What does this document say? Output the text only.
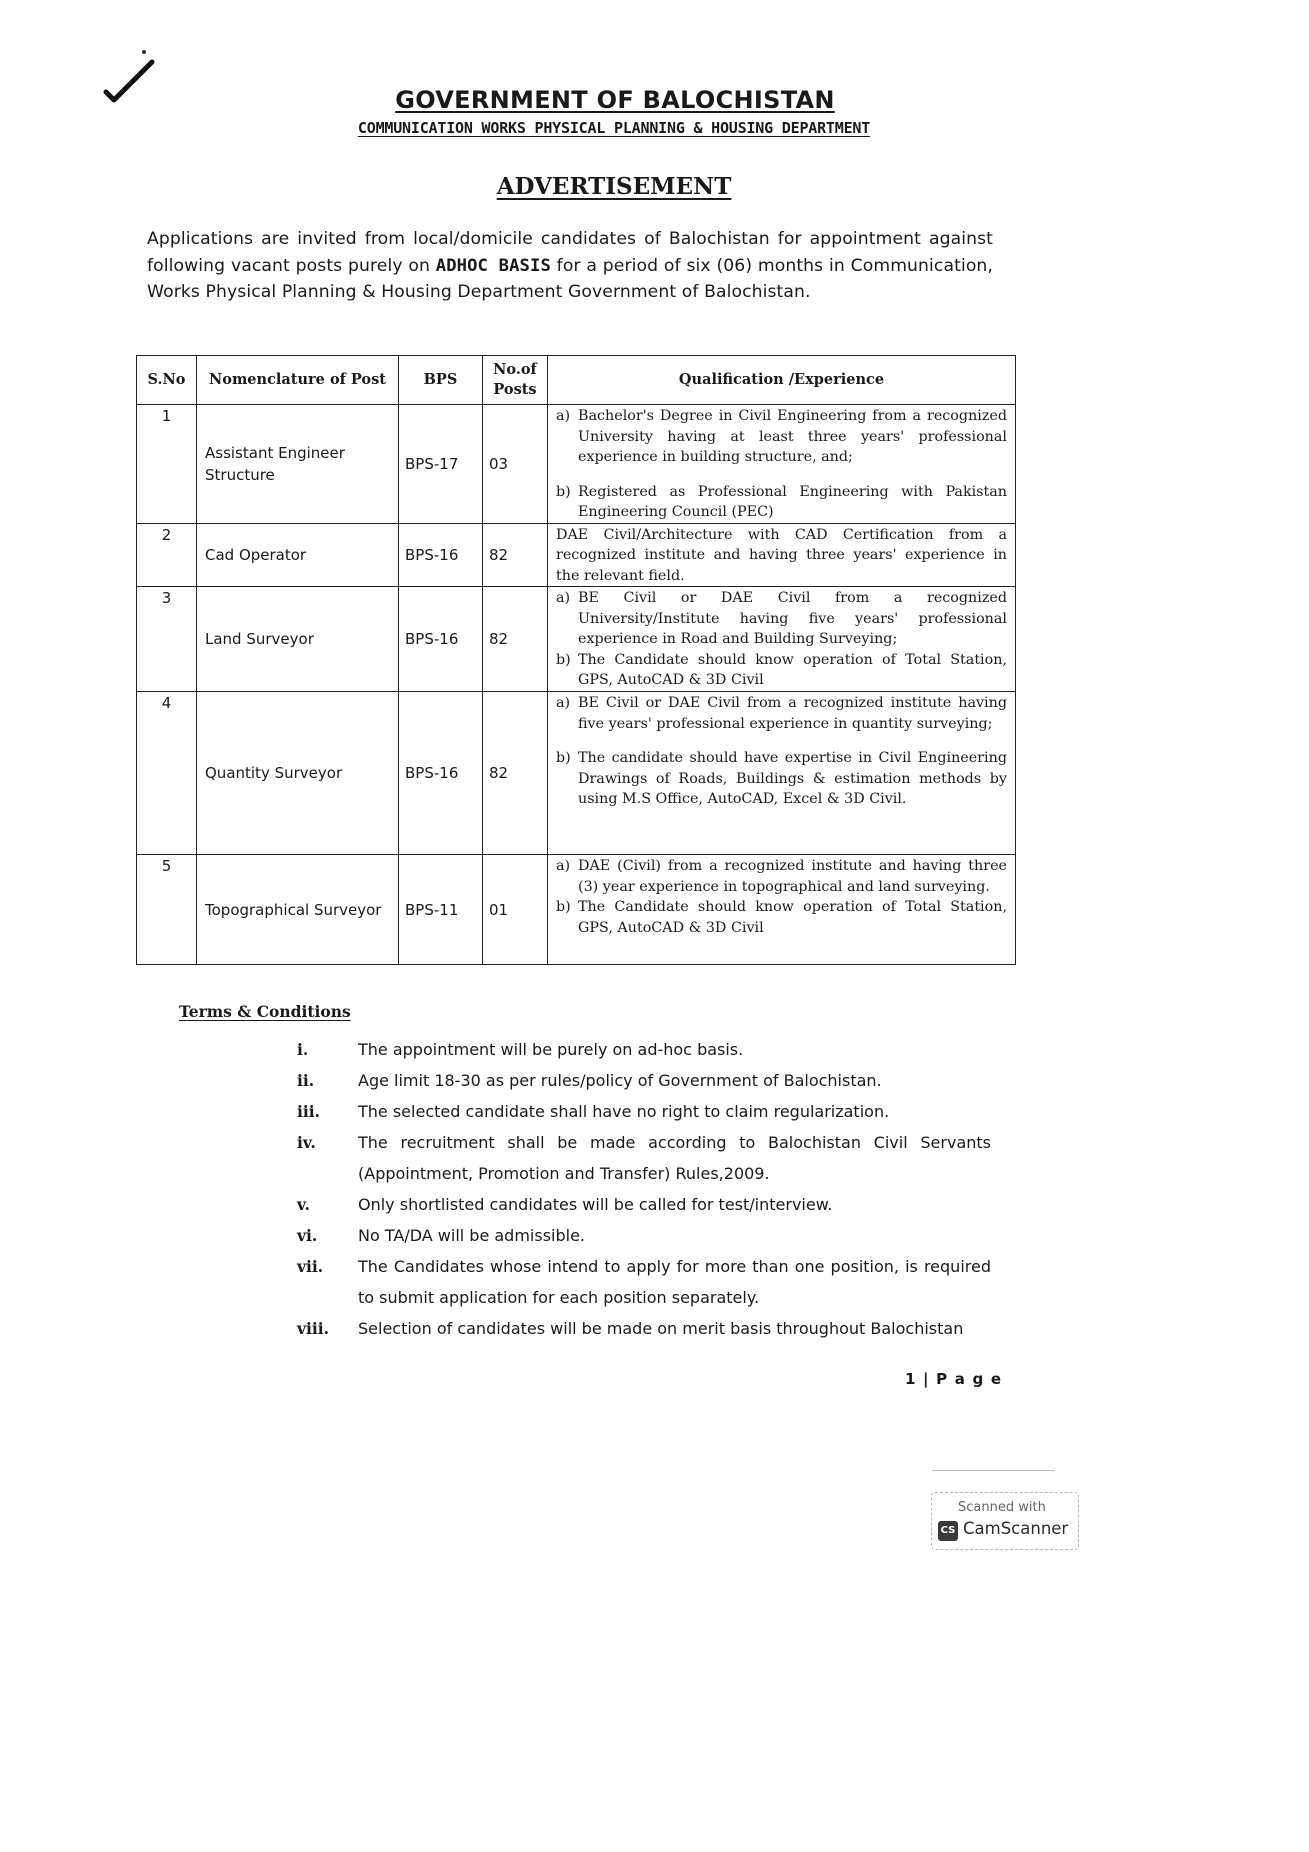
GOVERNMENT OF BALOCHISTAN
COMMUNICATION WORKS PHYSICAL PLANNING & HOUSING DEPARTMENT
ADVERTISEMENT
Applications are invited from local/domicile candidates of Balochistan for appointment against following vacant posts purely on ADHOC BASIS for a period of six (06) months in Communication, Works Physical Planning & Housing Department Government of Balochistan.
S.No	Nomenclature of Post	BPS	No.of Posts	Qualification /Experience
1	Assistant Engineer Structure	BPS-17	03	a) Bachelor's Degree in Civil Engineering from a recognized University having at least three years' professional experience in building structure, and;
b) Registered as Professional Engineering with Pakistan Engineering Council (PEC)

2	Cad Operator	BPS-16	82	DAE Civil/Architecture with CAD Certification from a recognized institute and having three years' experience in the relevant field.

3	Land Surveyor	BPS-16	82	a) BE Civil or DAE Civil from a recognized University/Institute having five years' professional experience in Road and Building Surveying;
b) The Candidate should know operation of Total Station, GPS, AutoCAD & 3D Civil

4	Quantity Surveyor	BPS-16	82	a) BE Civil or DAE Civil from a recognized institute having five years' professional experience in quantity surveying;
b) The candidate should have expertise in Civil Engineering Drawings of Roads, Buildings & estimation methods by using M.S Office, AutoCAD, Excel & 3D Civil.

5	Topographical Surveyor	BPS-11	01	a) DAE (Civil) from a recognized institute and having three (3) year experience in topographical and land surveying.
b) The Candidate should know operation of Total Station, GPS, AutoCAD & 3D Civil
Terms & Conditions
i.	The appointment will be purely on ad-hoc basis.
ii.	Age limit 18-30 as per rules/policy of Government of Balochistan.
iii.	The selected candidate shall have no right to claim regularization.
iv.	The recruitment shall be made according to Balochistan Civil Servants (Appointment, Promotion and Transfer) Rules,2009.
v.	Only shortlisted candidates will be called for test/interview.
vi.	No TA/DA will be admissible.
vii.	The Candidates whose intend to apply for more than one position, is required to submit application for each position separately.
viii.	Selection of candidates will be made on merit basis throughout Balochistan
1 | P a g e
Scanned with
CS CamScanner
